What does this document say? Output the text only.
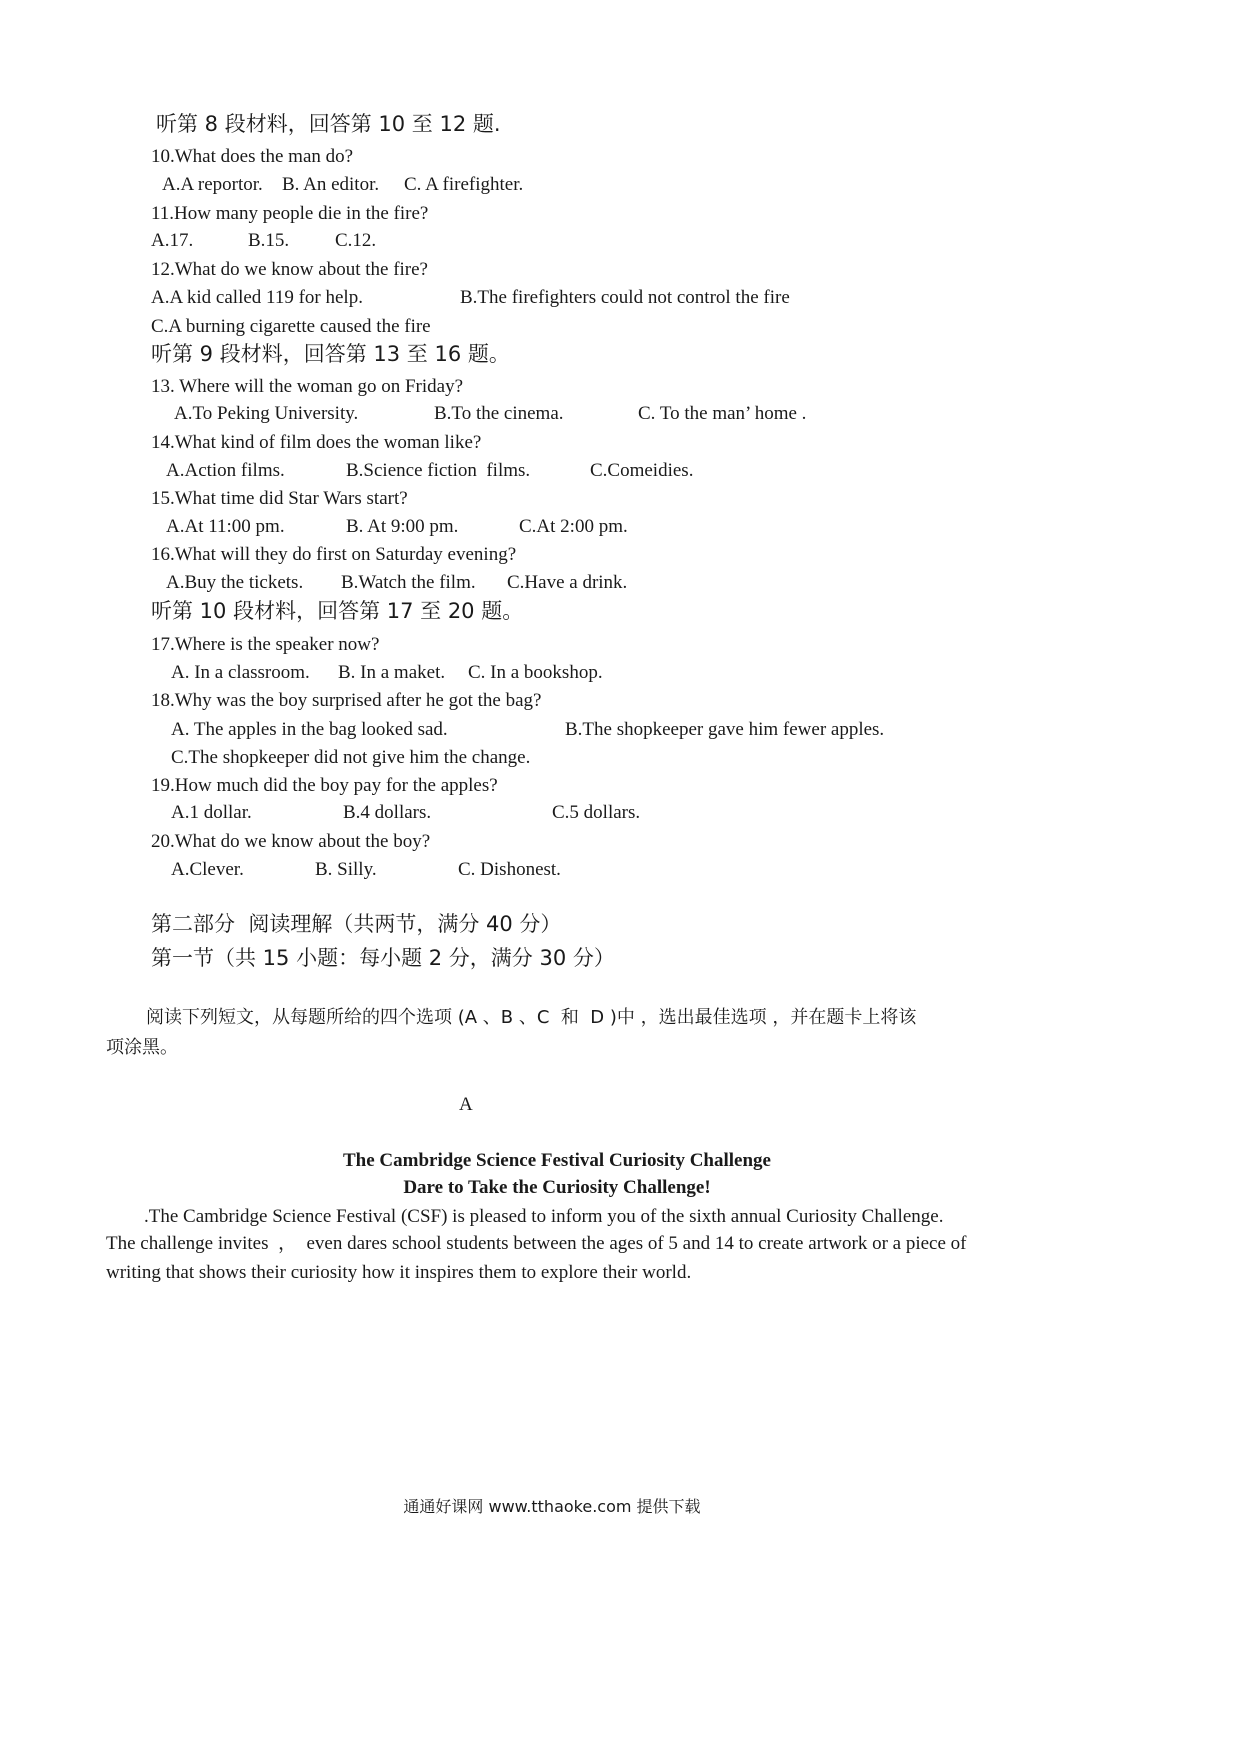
听第 8 段材料，回答第 10 至 12 题.
10.What does the man do?
A.A reportor. B. An editor. C. A firefighter.
11.How many people die in the fire?
A.17.	B.15. C.12.
12.What do we know about the fire?
A.A kid called 119 for help.	B.The firefighters could not control the fire
C.A burning cigarette caused the fire
听第 9 段材料，回答第 13 至 16 题。
13. Where will the woman go on Friday?
A.To Peking University.	B.To the cinema.	C. To the man’ home .
14.What kind of film does the woman like?
A.Action films.	B.Science fiction  films.	C.Comeidies.
15.What time did Star Wars start?
A.At 11:00 pm.	B. At 9:00 pm.	C.At 2:00 pm.
16.What will they do first on Saturday evening?
A.Buy the tickets. B.Watch the film. C.Have a drink.
听第 10 段材料，回答第 17 至 20 题。
17.Where is the speaker now?
A. In a classroom. B. In a maket. C. In a bookshop.
18.Why was the boy surprised after he got the bag?
A. The apples in the bag looked sad.	B.The shopkeeper gave him fewer apples.
C.The shopkeeper did not give him the change.
19.How much did the boy pay for the apples?
A.1 dollar.	B.4 dollars.	C.5 dollars.
20.What do we know about the boy?
A.Clever.	B. Silly.	C. Dishonest.
第二部分  阅读理解（共两节，满分 40 分）
第一节（共 15 小题：每小题 2 分，满分 30 分）
阅读下列短文，从每题所给的四个选项 (A 、B 、C  和  D )中 ，选出最佳选项 ，并在题卡上将该
项涂黑。
A
The Cambridge Science Festival Curiosity Challenge
Dare to Take the Curiosity Challenge!
.The Cambridge Science Festival (CSF) is pleased to inform you of the sixth annual Curiosity Challenge.
The challenge invites  ，  even dares school students between the ages of 5 and 14 to create artwork or a piece of
writing that shows their curiosity how it inspires them to explore their world.
通通好课网 www.tthaoke.com 提供下载
